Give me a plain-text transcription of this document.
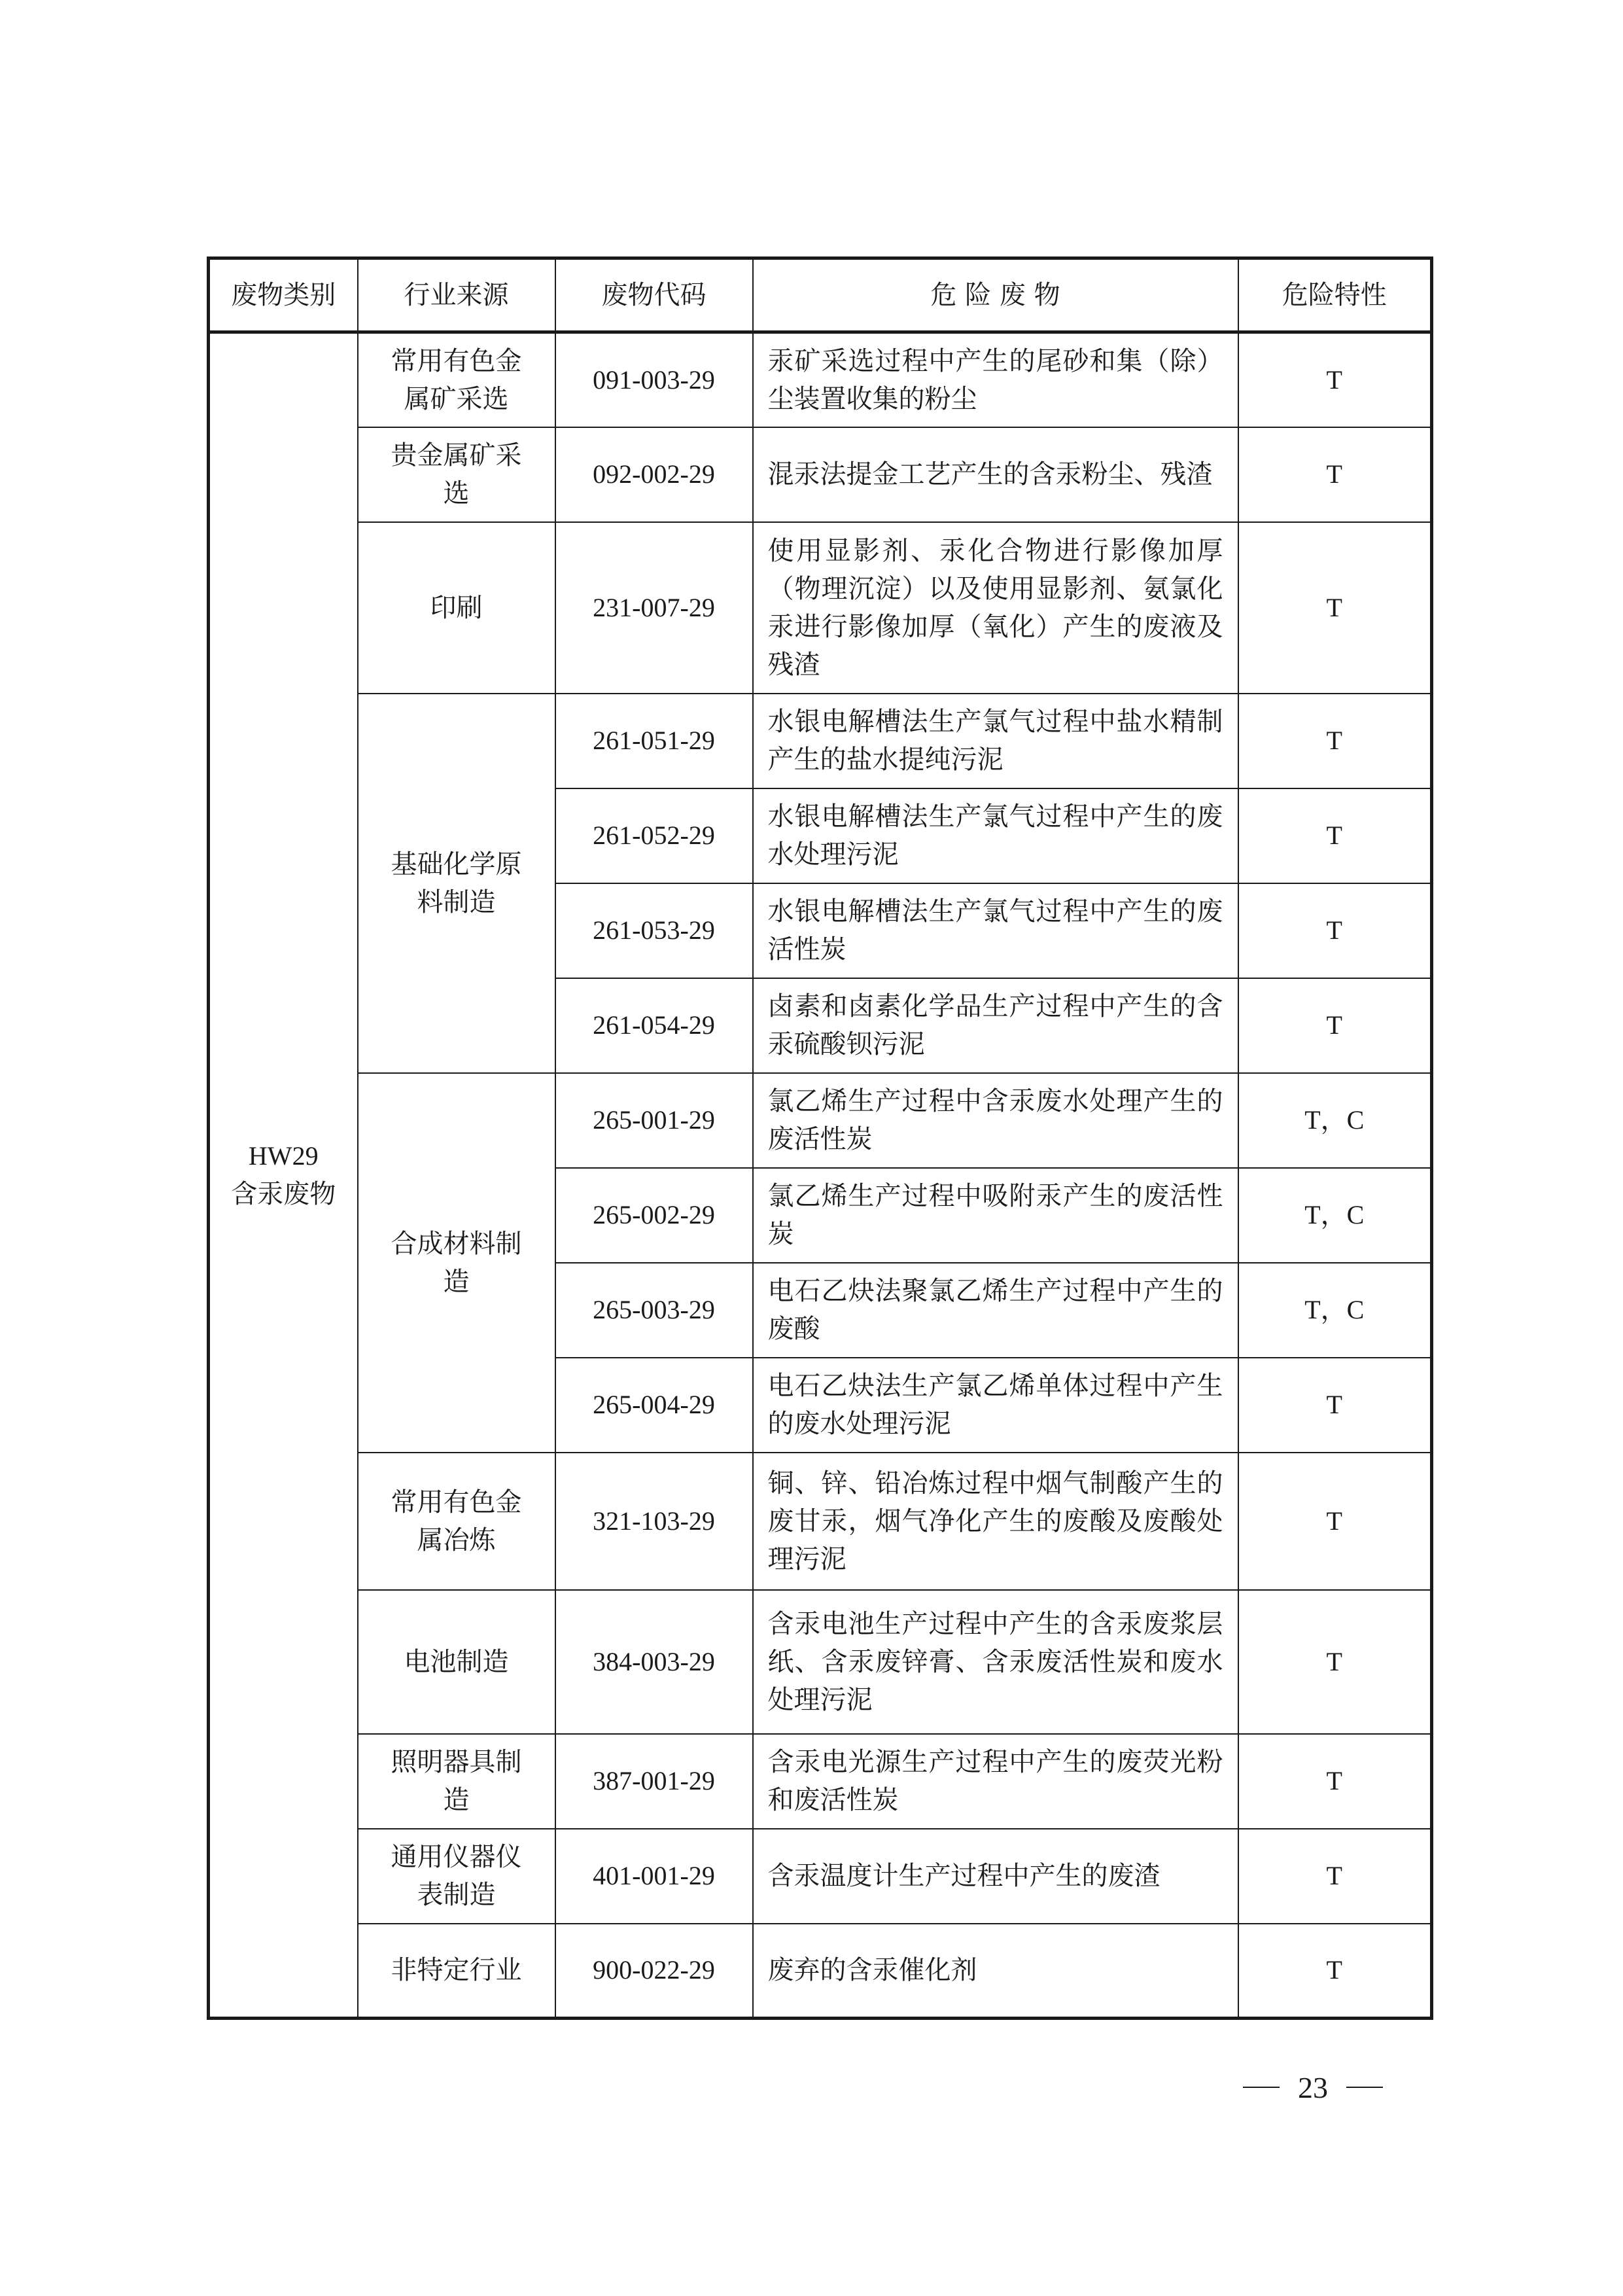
废物类别	行业来源	废物代码	危 险 废 物	危险特性

HW29
含汞废物	常用有色金属矿采选	091-003-29	汞矿采选过程中产生的尾砂和集（除）尘装置收集的粉尘	T
	贵金属矿采选	092-002-29	混汞法提金工艺产生的含汞粉尘、残渣	T
	印刷	231-007-29	使用显影剂、汞化合物进行影像加厚（物理沉淀）以及使用显影剂、氨氯化汞进行影像加厚（氧化）产生的废液及残渣	T
	基础化学原料制造	261-051-29	水银电解槽法生产氯气过程中盐水精制产生的盐水提纯污泥	T
		261-052-29	水银电解槽法生产氯气过程中产生的废水处理污泥	T
		261-053-29	水银电解槽法生产氯气过程中产生的废活性炭	T
		261-054-29	卤素和卤素化学品生产过程中产生的含汞硫酸钡污泥	T
	合成材料制造	265-001-29	氯乙烯生产过程中含汞废水处理产生的废活性炭	T，C
		265-002-29	氯乙烯生产过程中吸附汞产生的废活性炭	T，C
		265-003-29	电石乙炔法聚氯乙烯生产过程中产生的废酸	T，C
		265-004-29	电石乙炔法生产氯乙烯单体过程中产生的废水处理污泥	T
	常用有色金属冶炼	321-103-29	铜、锌、铅冶炼过程中烟气制酸产生的废甘汞，烟气净化产生的废酸及废酸处理污泥	T
	电池制造	384-003-29	含汞电池生产过程中产生的含汞废浆层纸、含汞废锌膏、含汞废活性炭和废水处理污泥	T
	照明器具制造	387-001-29	含汞电光源生产过程中产生的废荧光粉和废活性炭	T
	通用仪器仪表制造	401-001-29	含汞温度计生产过程中产生的废渣	T
	非特定行业	900-022-29	废弃的含汞催化剂	T
23
